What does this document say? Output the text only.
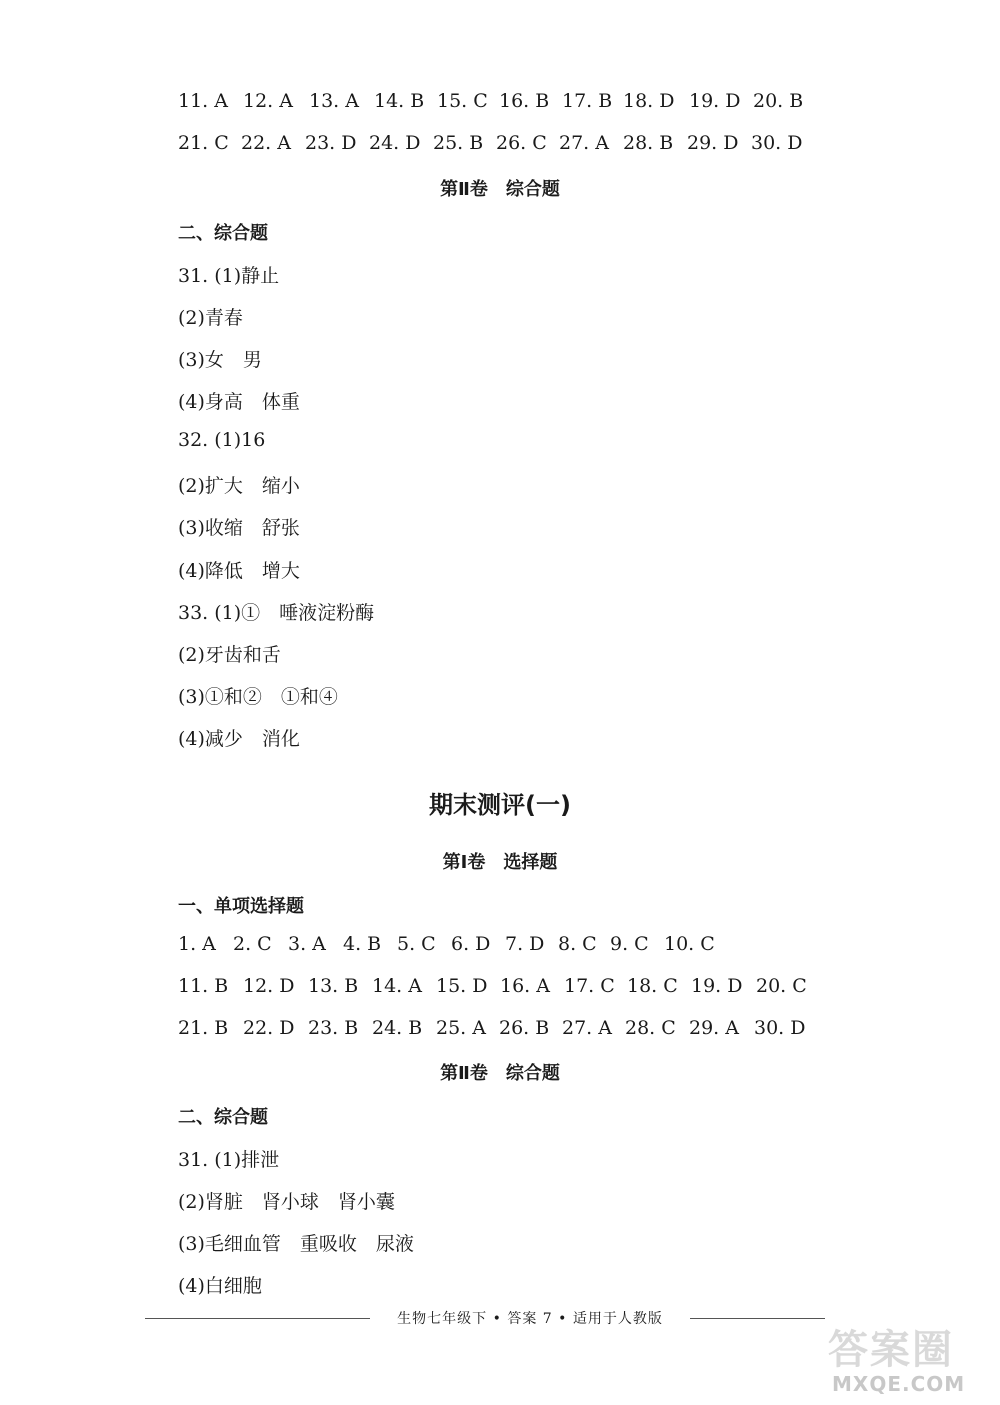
11. A 12. A 13. A 14. B 15. C 16. B 17. B 18. D 19. D 20. B
21. C 22. A 23. D 24. D 25. B 26. C 27. A 28. B 29. D 30. D
第Ⅱ卷　综合题
二、综合题
31. (1)静止
(2)青春
(3)女　男
(4)身高　体重
32. (1)16
(2)扩大　缩小
(3)收缩　舒张
(4)降低　增大
33. (1)①　唾液淀粉酶
(2)牙齿和舌
(3)①和②　①和④
(4)减少　消化
期末测评(一)
第Ⅰ卷　选择题
一、单项选择题
1. A 2. C 3. A 4. B 5. C 6. D 7. D 8. C 9. C 10. C
11. B 12. D 13. B 14. A 15. D 16. A 17. C 18. C 19. D 20. C
21. B 22. D 23. B 24. B 25. A 26. B 27. A 28. C 29. A 30. D
第Ⅱ卷　综合题
二、综合题
31. (1)排泄
(2)肾脏　肾小球　肾小囊
(3)毛细血管　重吸收　尿液
(4)白细胞
生物七年级下 • 答案 7 • 适用于人教版
答案圈
MXQE.COM
